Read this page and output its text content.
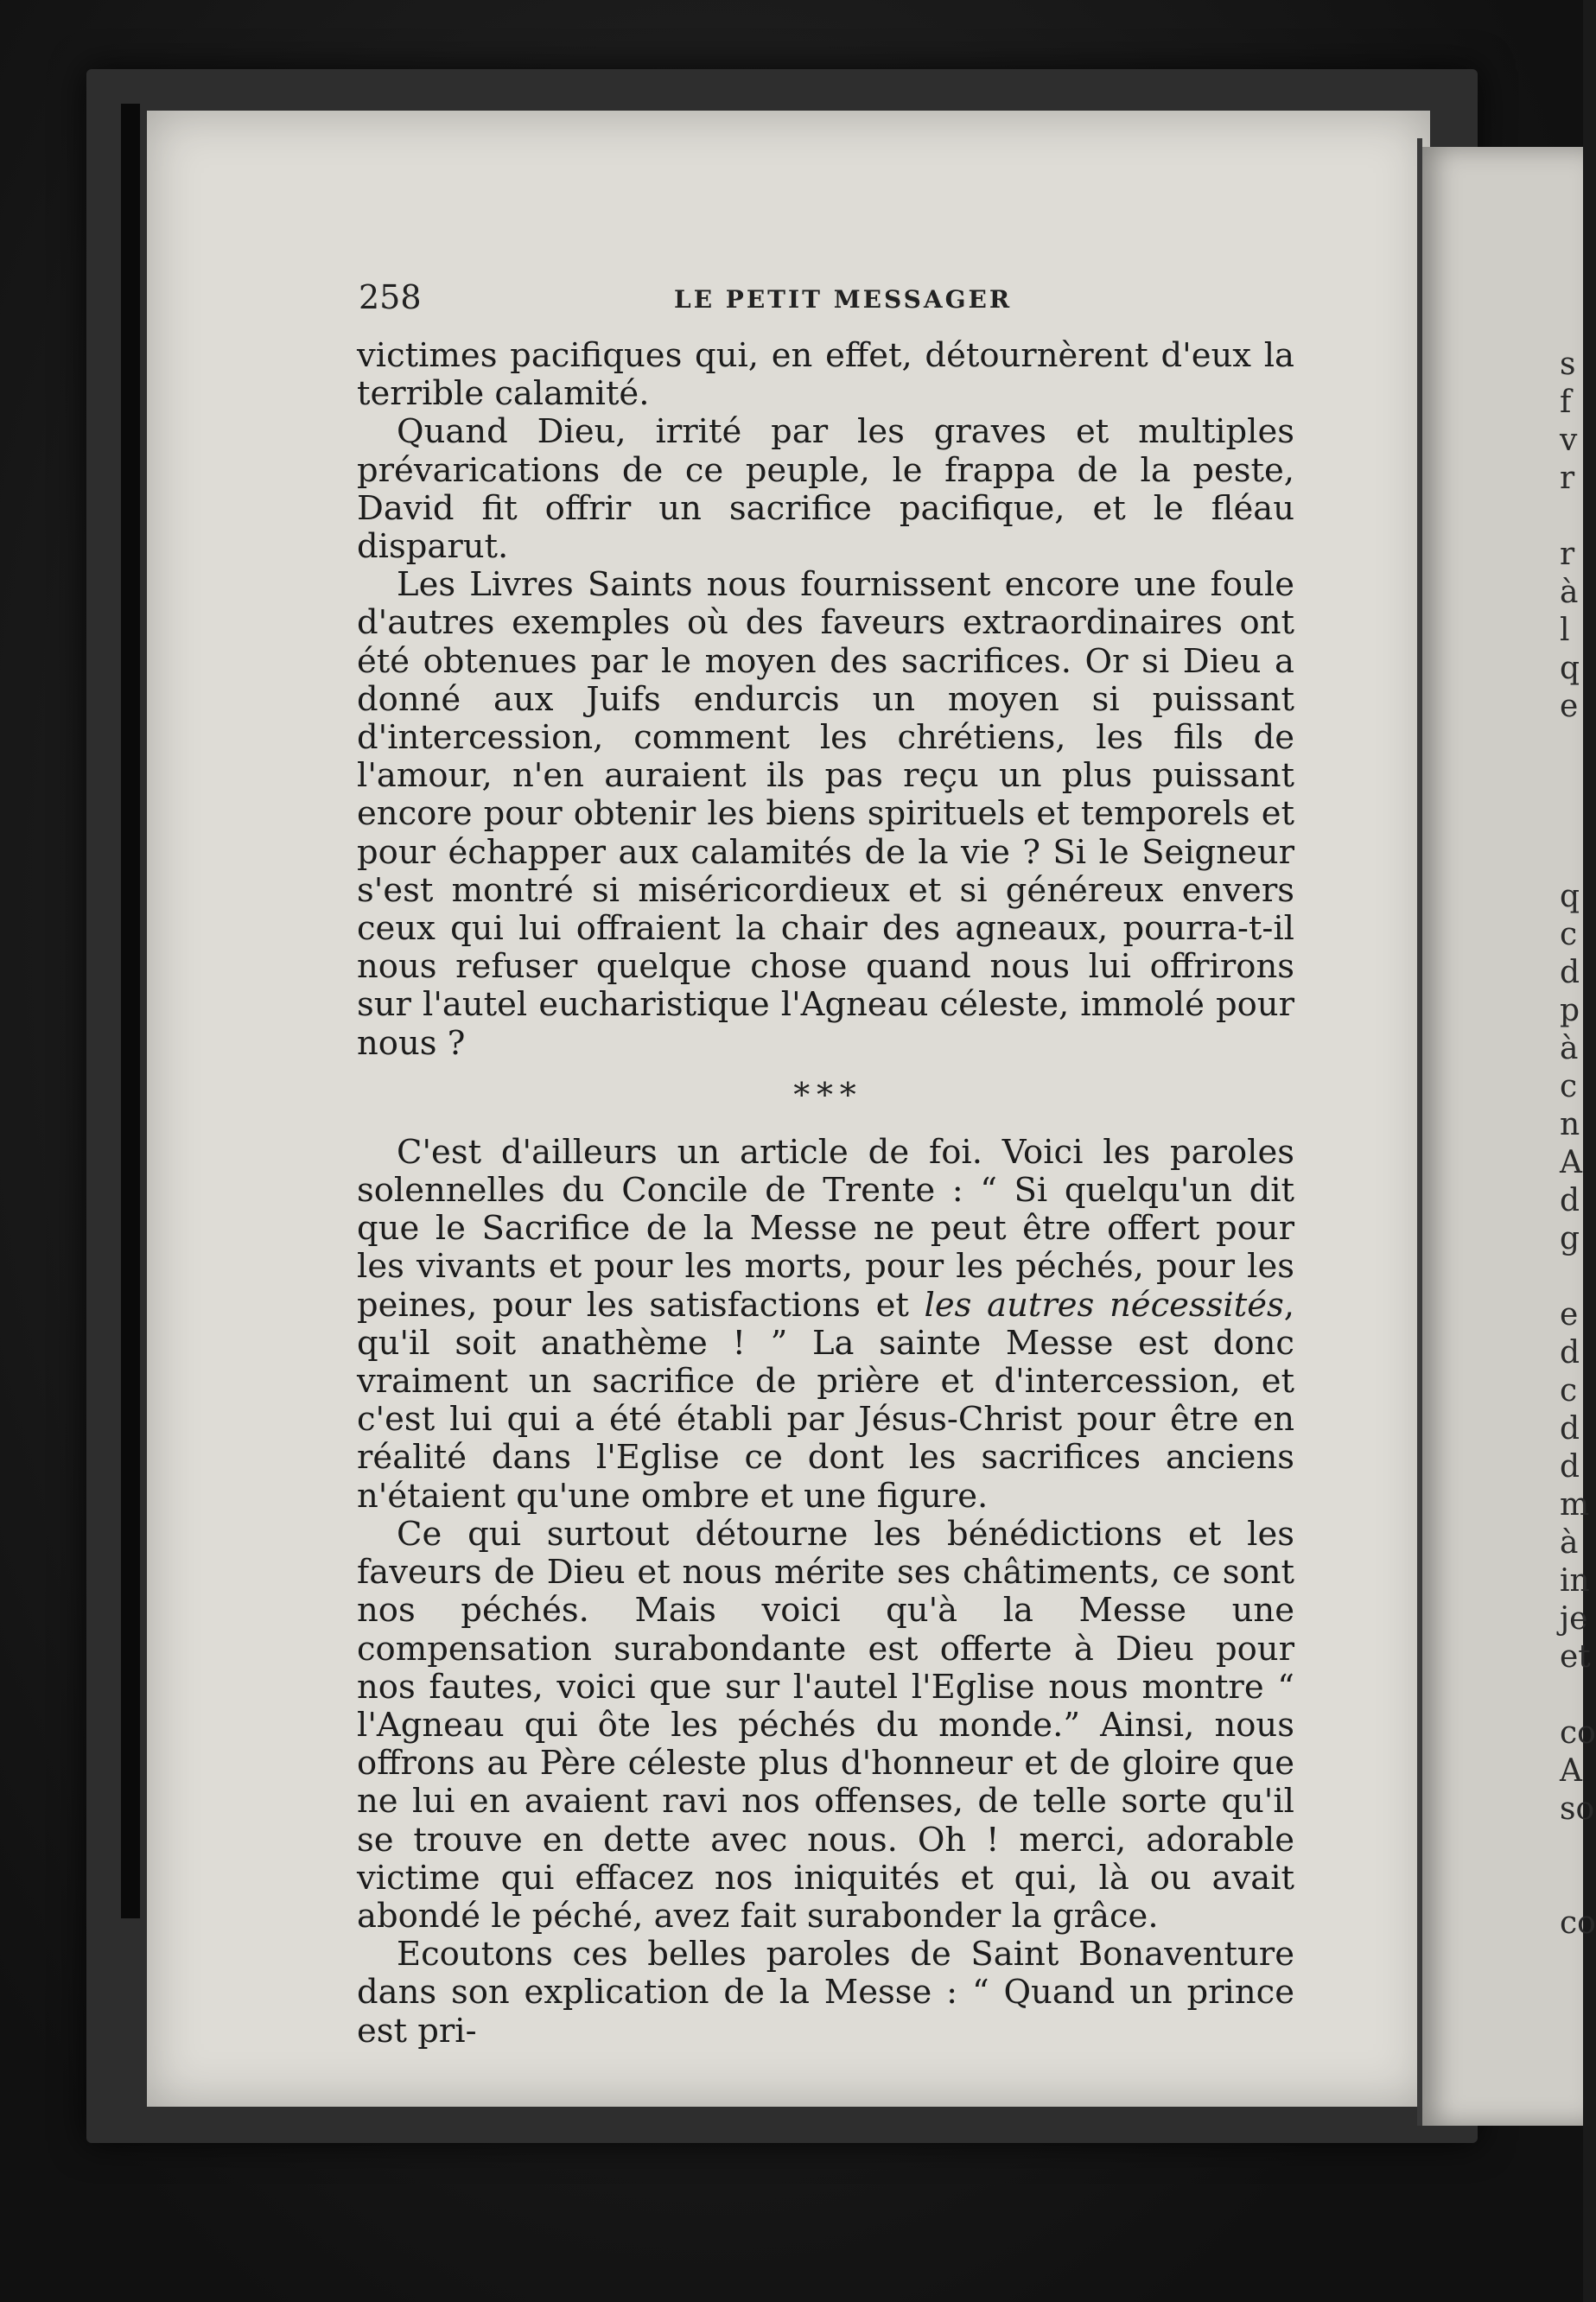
258	LE PETIT MESSAGER

victimes pacifiques qui, en effet, détournèrent d'eux la terrible calamité.

Quand Dieu, irrité par les graves et multiples prévarications de ce peuple, le frappa de la peste, David fit offrir un sacrifice pacifique, et le fléau disparut.

Les Livres Saints nous fournissent encore une foule d'autres exemples où des faveurs extraordinaires ont été obtenues par le moyen des sacrifices. Or si Dieu a donné aux Juifs endurcis un moyen si puissant d'intercession, comment les chrétiens, les fils de l'amour, n'en auraient ils pas reçu un plus puissant encore pour obtenir les biens spirituels et temporels et pour échapper aux calamités de la vie ? Si le Seigneur s'est montré si miséricordieux et si généreux envers ceux qui lui offraient la chair des agneaux, pourra-t-il nous refuser quelque chose quand nous lui offrirons sur l'autel eucharistique l'Agneau céleste, immolé pour nous ?

* * *

C'est d'ailleurs un article de foi. Voici les paroles solennelles du Concile de Trente : “ Si quelqu'un dit que le Sacrifice de la Messe ne peut être offert pour les vivants et pour les morts, pour les péchés, pour les peines, pour les satisfactions et les autres nécessités, qu'il soit anathème ! ” La sainte Messe est donc vraiment un sacrifice de prière et d'intercession, et c'est lui qui a été établi par Jésus-Christ pour être en réalité dans l'Eglise ce dont les sacrifices anciens n'étaient qu'une ombre et une figure.

Ce qui surtout détourne les bénédictions et les faveurs de Dieu et nous mérite ses châtiments, ce sont nos péchés. Mais voici qu'à la Messe une compensation surabondante est offerte à Dieu pour nos fautes, voici que sur l'autel l'Eglise nous montre “ l'Agneau qui ôte les péchés du monde.” Ainsi, nous offrons au Père céleste plus d'honneur et de gloire que ne lui en avaient ravi nos offenses, de telle sorte qu'il se trouve en dette avec nous. Oh ! merci, adorable victime qui effacez nos iniquités et qui, là ou avait abondé le péché, avez fait surabonder la grâce.

Ecoutons ces belles paroles de Saint Bonaventure dans son explication de la Messe : “ Quand un prince est pri-

s
f
v
r
r
à
l
q
e
q
c
d
p
à
c
n
A
d
g
e
d
c
d
d
m
à
in
je
et
co
A
so
co
